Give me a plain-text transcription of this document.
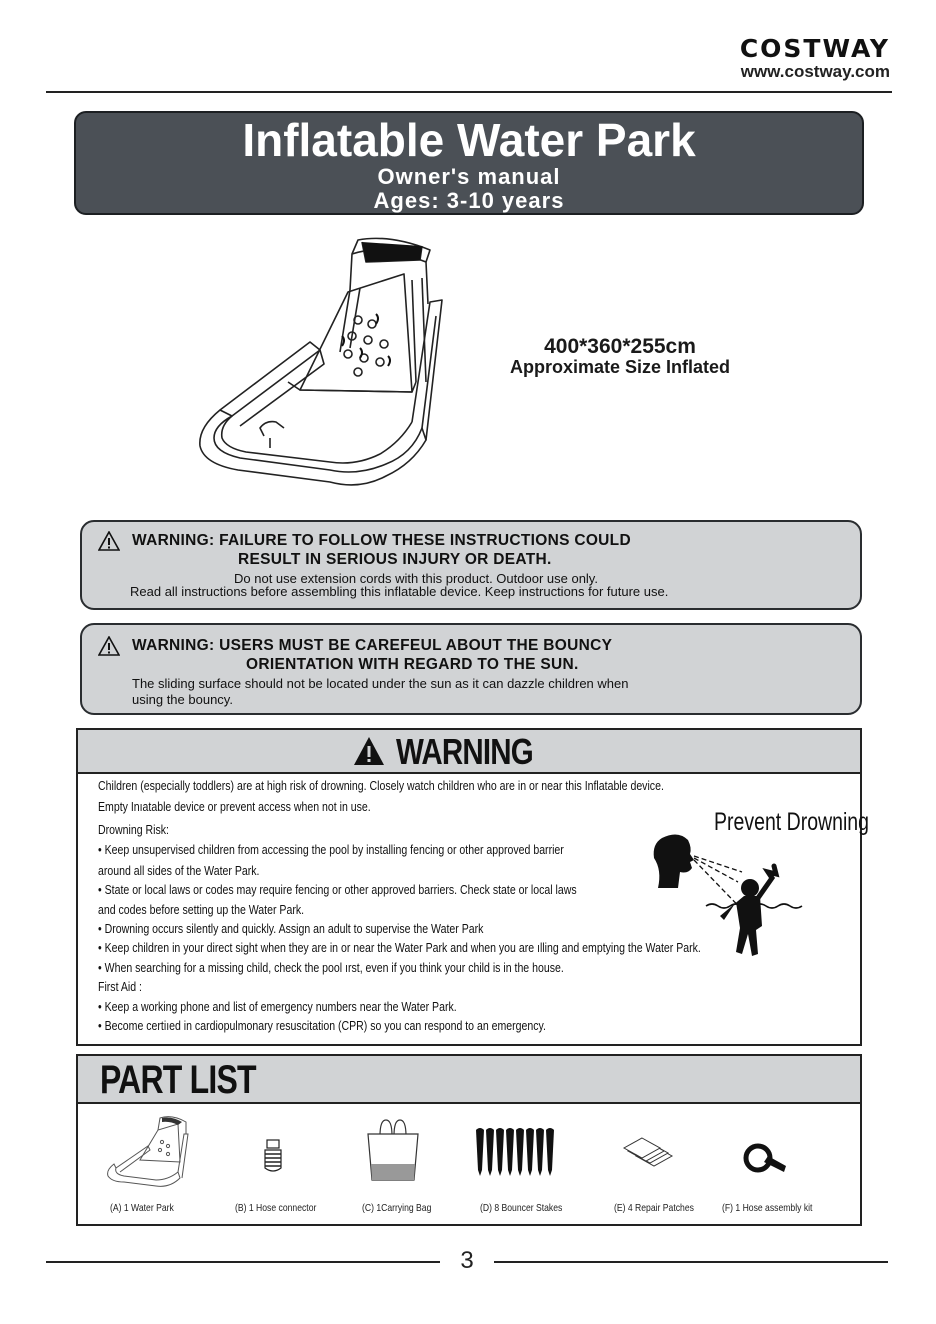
COSTWAY
www.costway.com
Inflatable Water Park
Owner's manual
Ages: 3-10 years
400*360*255cm
Approximate Size Inflated
WARNING: FAILURE TO FOLLOW THESE INSTRUCTIONS COULD
RESULT IN SERIOUS INJURY OR DEATH.
Do not use extension cords with this product. Outdoor use only.
Read all instructions before assembling this inflatable device. Keep instructions for future use.
WARNING: USERS MUST BE CAREFEUL ABOUT THE BOUNCY
ORIENTATION WITH REGARD TO THE SUN.
The sliding surface should not be located under the sun as it can dazzle children when
using the bouncy.
WARNING
Children (especially toddlers) are at high risk of drowning. Closely watch children who are in or near this Inflatable device.
Empty Inıatable device or prevent access when not in use.
Drowning Risk:
• Keep unsupervised children from accessing the pool by installing fencing or other approved barrier
around all sides of the Water Park.
• State or local laws or codes may require fencing or other approved barriers. Check state or local laws
and codes before setting up the Water Park.
• Drowning occurs silently and quickly. Assign an adult to supervise the Water Park
• Keep children in your direct sight when they are in or near the Water Park and when you are ılling and emptying the Water Park.
• When searching for a missing child, check the pool ırst, even if you think your child is in the house.
First Aid :
• Keep a working phone and list of emergency numbers near the Water Park.
• Become certiıed in cardiopulmonary resuscitation (CPR) so you can respond to an emergency.
Prevent Drowning
PART LIST
(A) 1 Water Park	(B) 1 Hose connector	(C) 1Carrying Bag	(D) 8 Bouncer Stakes	(E) 4 Repair Patches	(F) 1 Hose assembly kit
3
